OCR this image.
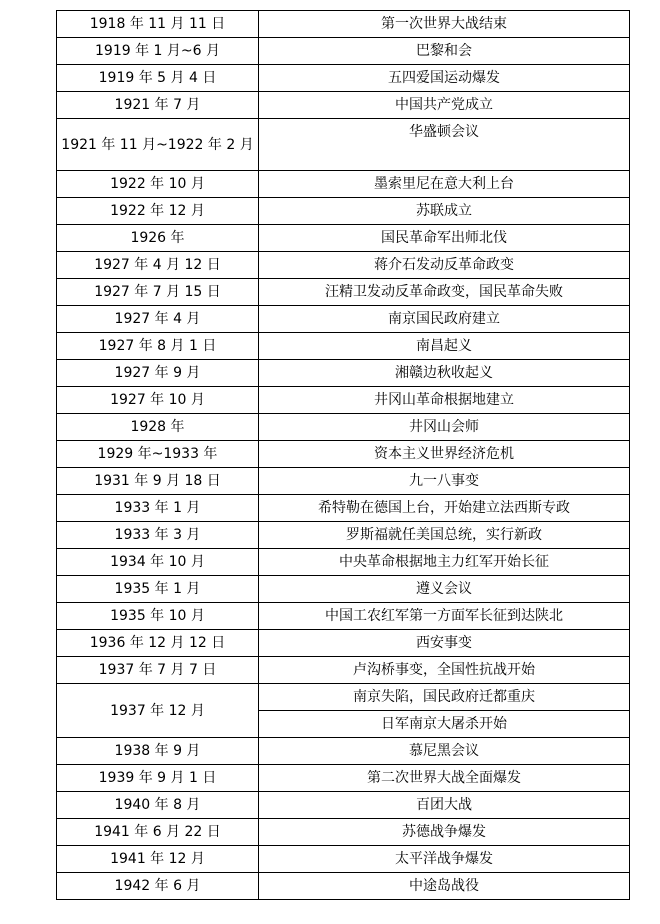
1918 年 11 月 11 日	第一次世界大战结束
1919 年 1 月~6 月	巴黎和会
1919 年 5 月 4 日	五四爱国运动爆发
1921 年 7 月	中国共产党成立
1921 年 11 月~1922 年 2 月	华盛顿会议
1922 年 10 月	墨索里尼在意大利上台
1922 年 12 月	苏联成立
1926 年	国民革命军出师北伐
1927 年 4 月 12 日	蒋介石发动反革命政变
1927 年 7 月 15 日	汪精卫发动反革命政变，国民革命失败
1927 年 4 月	南京国民政府建立
1927 年 8 月 1 日	南昌起义
1927 年 9 月	湘赣边秋收起义
1927 年 10 月	井冈山革命根据地建立
1928 年	井冈山会师
1929 年~1933 年	资本主义世界经济危机
1931 年 9 月 18 日	九一八事变
1933 年 1 月	希特勒在德国上台，开始建立法西斯专政
1933 年 3 月	罗斯福就任美国总统，实行新政
1934 年 10 月	中央革命根据地主力红军开始长征
1935 年 1 月	遵义会议
1935 年 10 月	中国工农红军第一方面军长征到达陕北
1936 年 12 月 12 日	西安事变
1937 年 7 月 7 日	卢沟桥事变，全国性抗战开始
1937 年 12 月	南京失陷，国民政府迁都重庆
	日军南京大屠杀开始
1938 年 9 月	慕尼黑会议
1939 年 9 月 1 日	第二次世界大战全面爆发
1940 年 8 月	百团大战
1941 年 6 月 22 日	苏德战争爆发
1941 年 12 月	太平洋战争爆发
1942 年 6 月	中途岛战役
